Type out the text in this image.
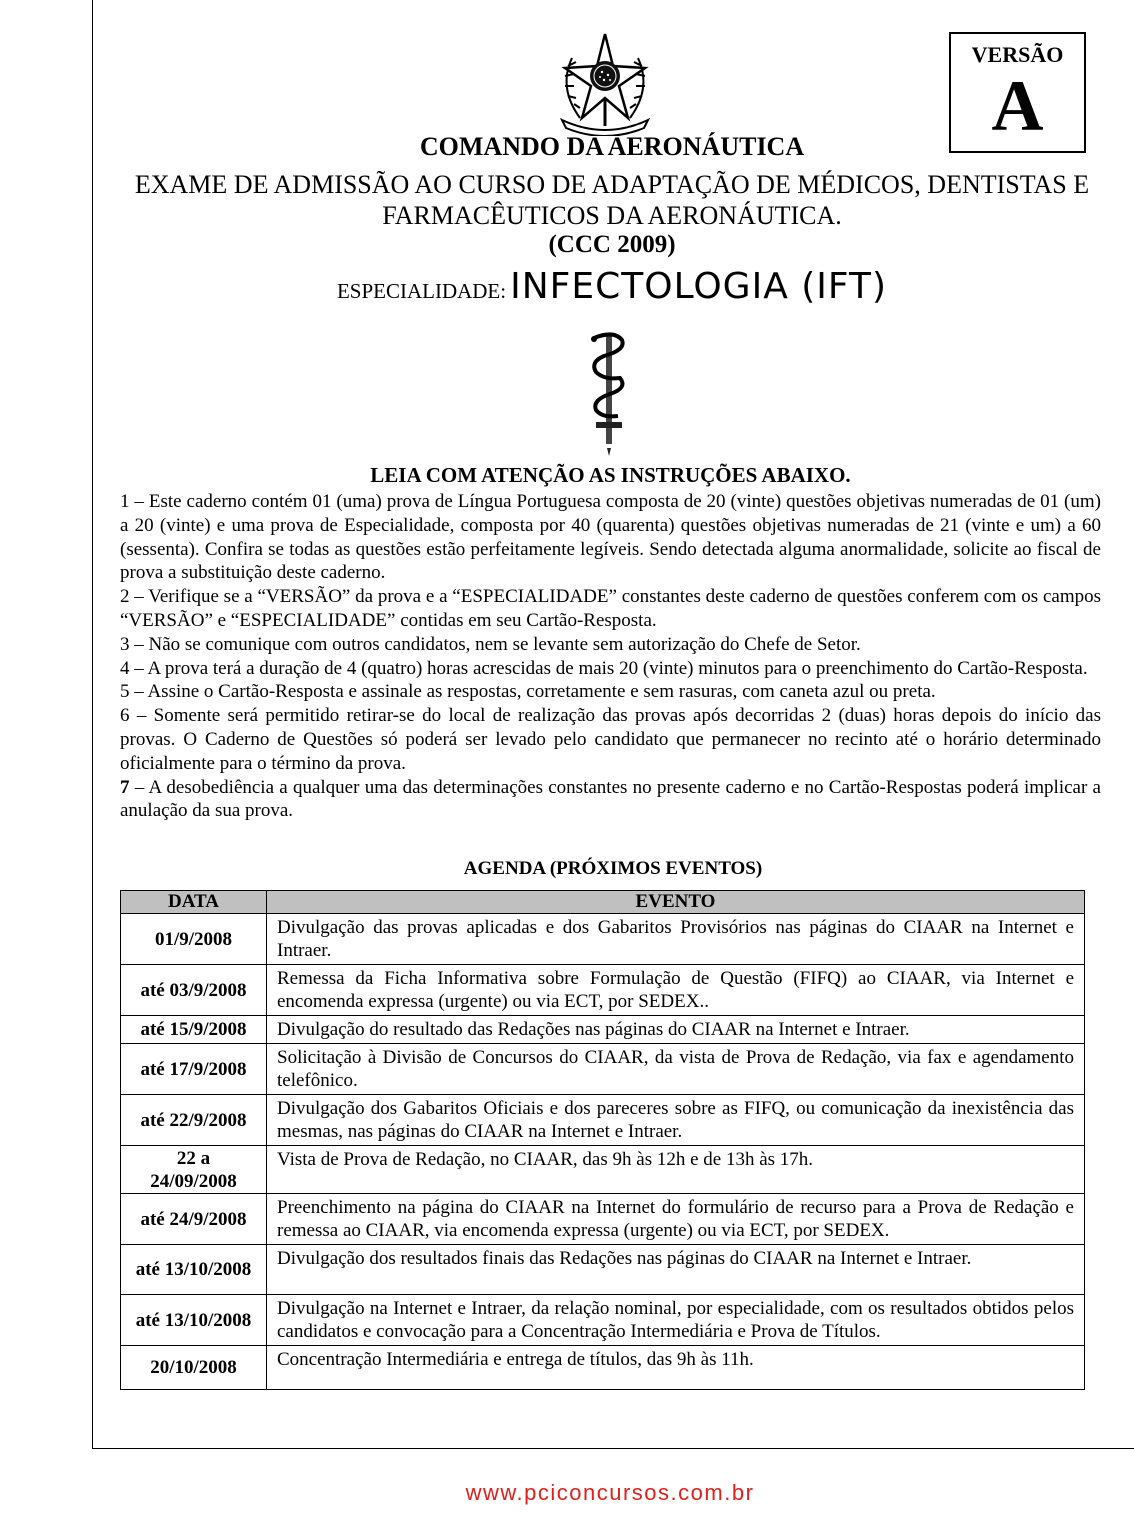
VERSÃO
A
COMANDO DA AERONÁUTICA
EXAME DE ADMISSÃO AO CURSO DE ADAPTAÇÃO DE MÉDICOS, DENTISTAS E
FARMACÊUTICOS DA AERONÁUTICA.
(CCC 2009)
ESPECIALIDADE: INFECTOLOGIA (IFT)
LEIA COM ATENÇÃO AS INSTRUÇÕES ABAIXO.

1 – Este caderno contém 01 (uma) prova de Língua Portuguesa composta de 20 (vinte) questões objetivas numeradas de 01 (um) a 20 (vinte) e uma prova de Especialidade, composta por 40 (quarenta) questões objetivas numeradas de 21 (vinte e um) a 60 (sessenta). Confira se todas as questões estão perfeitamente legíveis. Sendo detectada alguma anormalidade, solicite ao fiscal de prova a substituição deste caderno.

2 – Verifique se a “VERSÃO” da prova e a “ESPECIALIDADE” constantes deste caderno de questões conferem com os campos “VERSÃO” e “ESPECIALIDADE” contidas em seu Cartão-Resposta.

3 – Não se comunique com outros candidatos, nem se levante sem autorização do Chefe de Setor.

4 – A prova terá a duração de 4 (quatro) horas acrescidas de mais 20 (vinte) minutos para o preenchimento do Cartão-Resposta.

5 – Assine o Cartão-Resposta e assinale as respostas, corretamente e sem rasuras, com caneta azul ou preta.

6 – Somente será permitido retirar-se do local de realização das provas após decorridas 2 (duas) horas depois do início das provas. O Caderno de Questões só poderá ser levado pelo candidato que permanecer no recinto até o horário determinado oficialmente para o término da prova.

7 – A desobediência a qualquer uma das determinações constantes no presente caderno e no Cartão-Respostas poderá implicar a anulação da sua prova.

AGENDA (PRÓXIMOS EVENTOS)
DATA	EVENTO
01/9/2008	Divulgação das provas aplicadas e dos Gabaritos Provisórios nas páginas do CIAAR na Internet e Intraer.
até 03/9/2008	Remessa da Ficha Informativa sobre Formulação de Questão (FIFQ) ao CIAAR, via Internet e encomenda expressa (urgente) ou via ECT, por SEDEX..
até 15/9/2008	Divulgação do resultado das Redações nas páginas do CIAAR na Internet e Intraer.
até 17/9/2008	Solicitação à Divisão de Concursos do CIAAR, da vista de Prova de Redação, via fax e agendamento telefônico.
até 22/9/2008	Divulgação dos Gabaritos Oficiais e dos pareceres sobre as FIFQ, ou comunicação da inexistência das mesmas, nas páginas do CIAAR na Internet e Intraer.
22 a 24/09/2008	Vista de Prova de Redação, no CIAAR, das 9h às 12h e de 13h às 17h.
até 24/9/2008	Preenchimento na página do CIAAR na Internet do formulário de recurso para a Prova de Redação e remessa ao CIAAR, via encomenda expressa (urgente) ou via ECT, por SEDEX.
até 13/10/2008	Divulgação dos resultados finais das Redações nas páginas do CIAAR na Internet e Intraer.
até 13/10/2008	Divulgação na Internet e Intraer, da relação nominal, por especialidade, com os resultados obtidos pelos candidatos e convocação para a Concentração Intermediária e Prova de Títulos.
20/10/2008	Concentração Intermediária e entrega de títulos, das 9h às 11h.
www.pciconcursos.com.br
